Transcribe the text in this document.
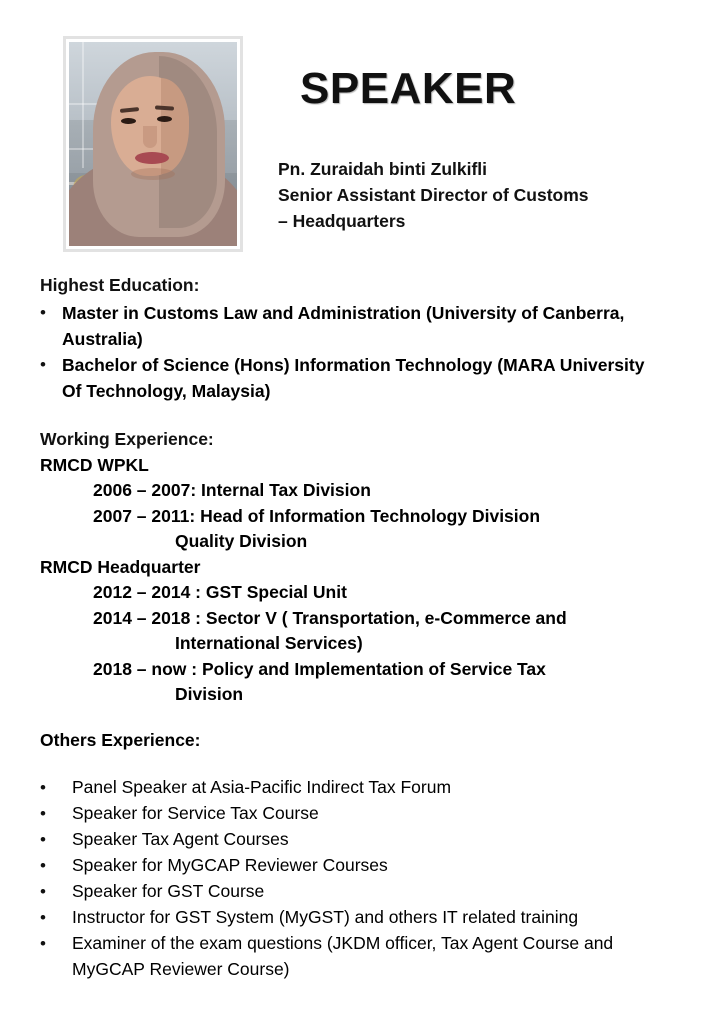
SPEAKER
Pn. Zuraidah binti Zulkifli
Senior Assistant Director of Customs
– Headquarters
Highest Education:
• Master in Customs Law and Administration (University of Canberra, Australia)
• Bachelor of Science (Hons) Information Technology (MARA University Of Technology, Malaysia)
Working Experience:
RMCD WPKL
2006 – 2007: Internal Tax Division
2007 – 2011: Head of Information Technology Division
Quality Division
RMCD Headquarter
2012 – 2014 : GST Special Unit
2014 – 2018 : Sector V ( Transportation, e-Commerce and
International Services)
2018 – now : Policy and Implementation of Service Tax
Division
Others Experience:
•	Panel Speaker at Asia-Pacific Indirect Tax Forum
•	Speaker for Service Tax Course
•	Speaker Tax Agent Courses
•	Speaker for MyGCAP Reviewer Courses
•	Speaker for GST Course
•	Instructor for GST System (MyGST) and others IT related training
•	Examiner of the exam questions (JKDM officer, Tax Agent Course and MyGCAP Reviewer Course)
